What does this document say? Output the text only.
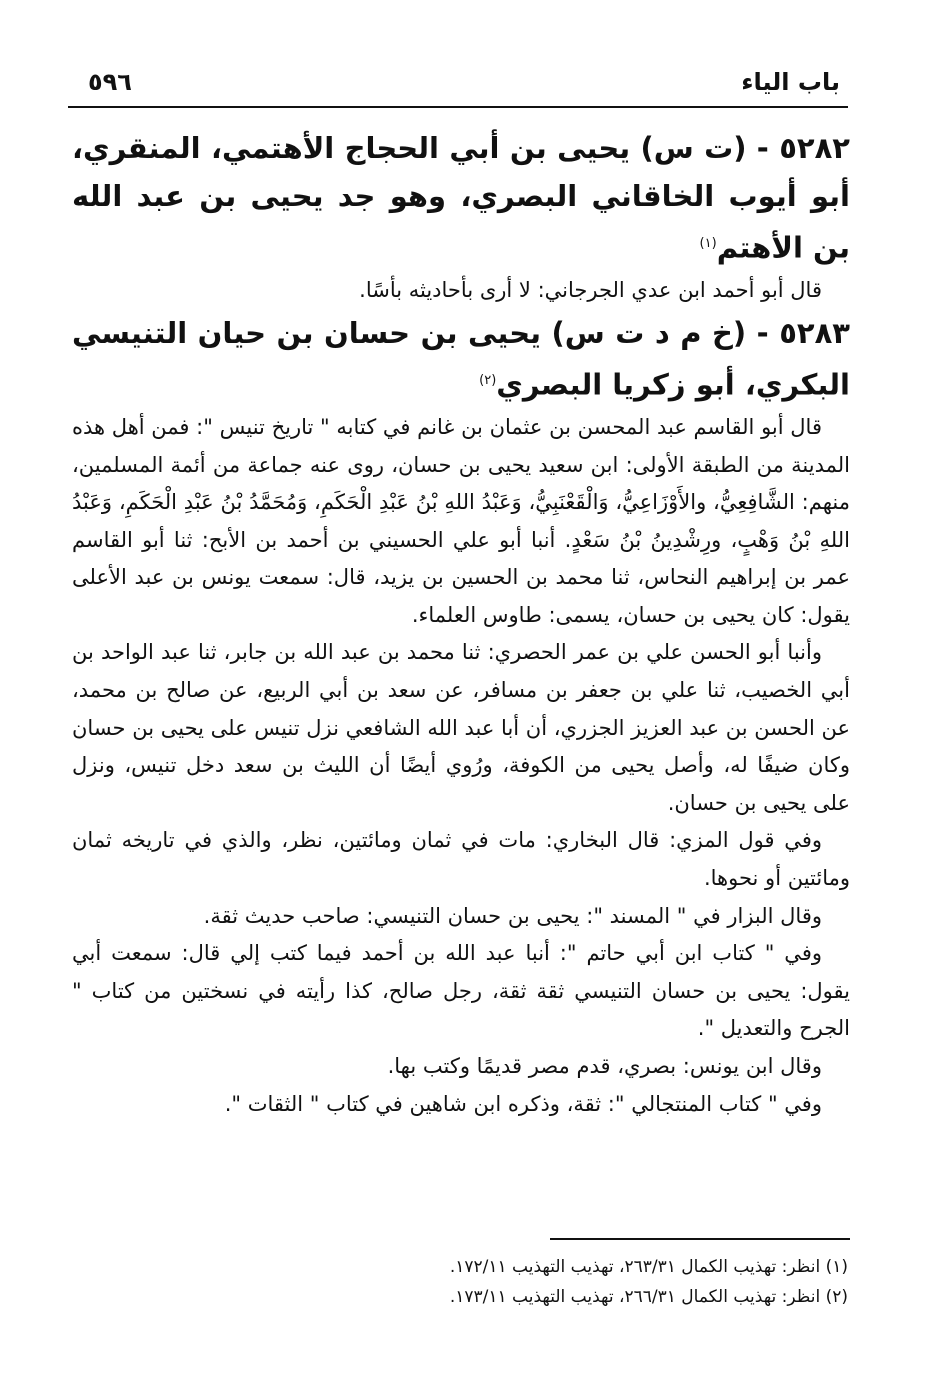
باب الياء
٥٩٦

٥٢٨٢ - (ت س) يحيى بن أبي الحجاج الأهتمي، المنقري، أبو أيوب الخاقاني البصري، وهو جد يحيى بن عبد الله بن الأهتم$^{(١)}$

قال أبو أحمد ابن عدي الجرجاني: لا أرى بأحاديثه بأسًا.

٥٢٨٣ - (خ م د ت س) يحيى بن حسان بن حيان التنيسي البكري، أبو زكريا البصري$^{(٢)}$

قال أبو القاسم عبد المحسن بن عثمان بن غانم في كتابه " تاريخ تنيس ": فمن أهل هذه المدينة من الطبقة الأولى: ابن سعيد يحيى بن حسان، روى عنه جماعة من أئمة المسلمين، منهم: الشَّافِعِيُّ، والأَوْزَاعِيُّ، وَالْقَعْنَبِيُّ، وَعَبْدُ اللهِ بْنُ عَبْدِ الْحَكَمِ، وَمُحَمَّدُ بْنُ عَبْدِ الْحَكَمِ، وَعَبْدُ اللهِ بْنُ وَهْبٍ، ورِشْدِينُ بْنُ سَعْدٍ. أنبا أبو علي الحسيني بن أحمد بن الأبح: ثنا أبو القاسم عمر بن إبراهيم النحاس، ثنا محمد بن الحسين بن يزيد، قال: سمعت يونس بن عبد الأعلى يقول: كان يحيى بن حسان، يسمى: طاوس العلماء.

وأنبا أبو الحسن علي بن عمر الحصري: ثنا محمد بن عبد الله بن جابر، ثنا عبد الواحد بن أبي الخصيب، ثنا علي بن جعفر بن مسافر، عن سعد بن أبي الربيع، عن صالح بن محمد، عن الحسن بن عبد العزيز الجزري، أن أبا عبد الله الشافعي نزل تنيس على يحيى بن حسان وكان ضيفًا له، وأصل يحيى من الكوفة، ورُوي أيضًا أن الليث بن سعد دخل تنيس، ونزل على يحيى بن حسان.

وفي قول المزي: قال البخاري: مات في ثمان ومائتين، نظر، والذي في تاريخه ثمان ومائتين أو نحوها.

وقال البزار في " المسند ": يحيى بن حسان التنيسي: صاحب حديث ثقة.

وفي " كتاب ابن أبي حاتم ": أنبا عبد الله بن أحمد فيما كتب إلي قال: سمعت أبي يقول: يحيى بن حسان التنيسي ثقة ثقة، رجل صالح، كذا رأيته في نسختين من كتاب " الجرح والتعديل ".

وقال ابن يونس: بصري، قدم مصر قديمًا وكتب بها.

وفي " كتاب المنتجالي ": ثقة، وذكره ابن شاهين في كتاب " الثقات ".

(١) انظر: تهذيب الكمال ٢٦٣/٣١، تهذيب التهذيب ١٧٢/١١.
(٢) انظر: تهذيب الكمال ٢٦٦/٣١، تهذيب التهذيب ١٧٣/١١.
